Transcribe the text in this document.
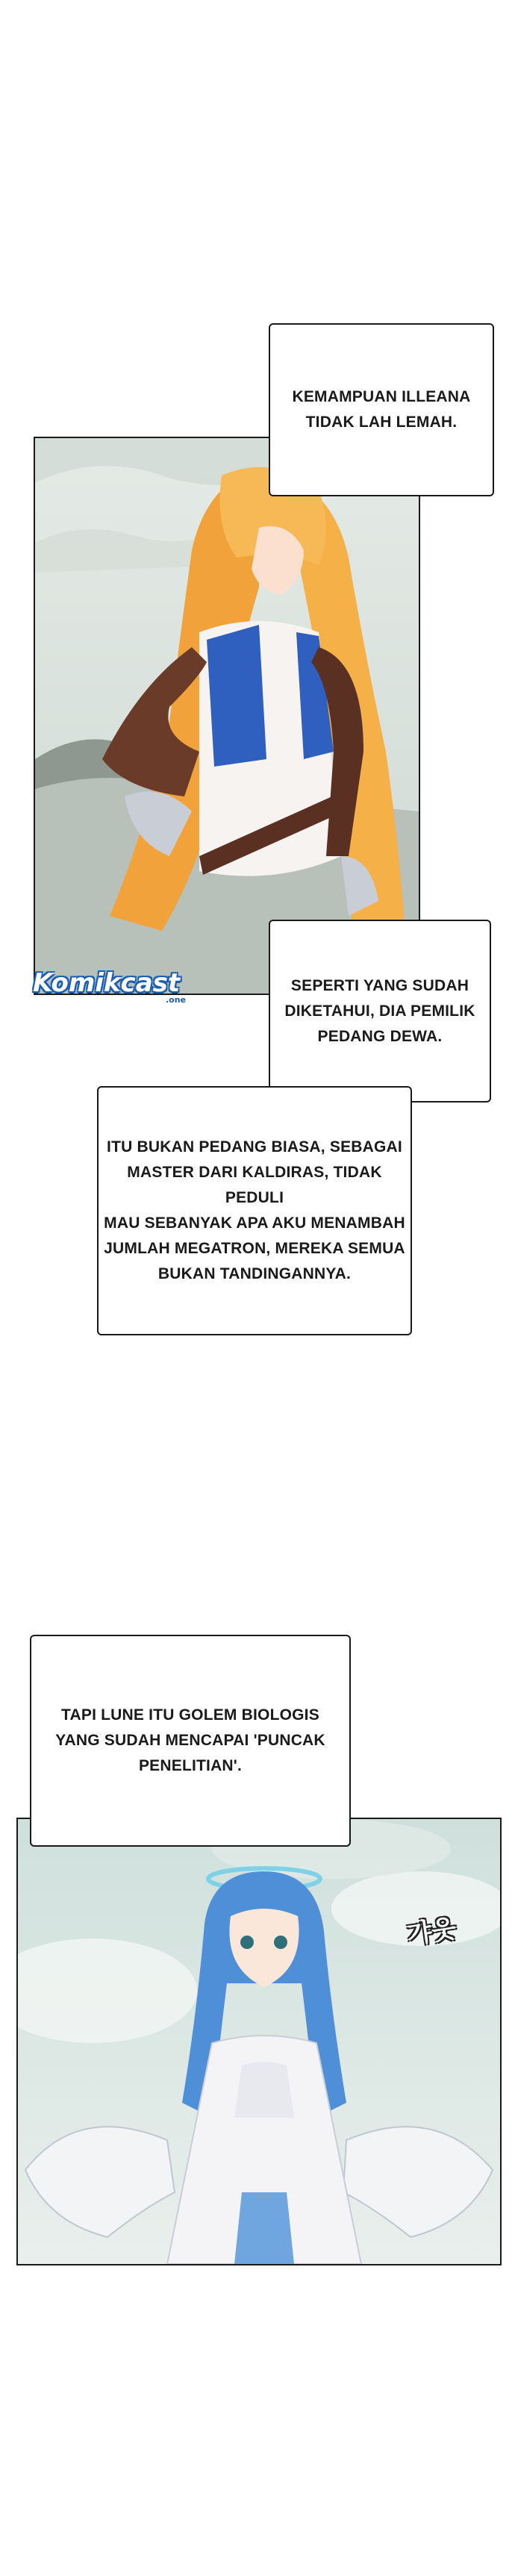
Komikcast
.one
KEMAMPUAN ILLEANA
TIDAK LAH LEMAH.
SEPERTI YANG SUDAH
DIKETAHUI, DIA PEMILIK
PEDANG DEWA.
ITU BUKAN PEDANG BIASA, SEBAGAI
MASTER DARI KALDIRAS, TIDAK PEDULI
MAU SEBANYAK APA AKU MENAMBAH
JUMLAH MEGATRON, MEREKA SEMUA
BUKAN TANDINGANNYA.
갸웃
TAPI LUNE ITU GOLEM BIOLOGIS
YANG SUDAH MENCAPAI 'PUNCAK
PENELITIAN'.
